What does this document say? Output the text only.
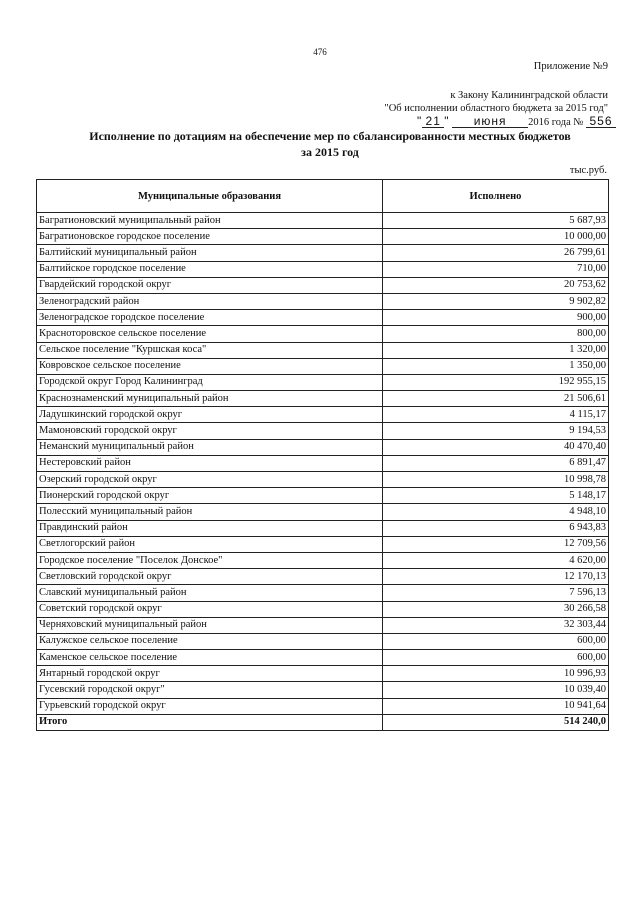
476
Приложение №9
к Закону Калининградской области
"Об исполнении областного бюджета за 2015 год"
" 21 " июня 2016 года № 556
Исполнение по дотациям на обеспечение мер по сбалансированности местных бюджетов
за 2015 год
тыс.руб.
Муниципальные образования	Исполнено
Багратионовский муниципальный район	5 687,93
Багратионовское городское поселение	10 000,00
Балтийский муниципальный район	26 799,61
Балтийское городское поселение	710,00
Гвардейский городской округ	20 753,62
Зеленоградский район	9 902,82
Зеленоградское городское поселение	900,00
Красноторовское сельское поселение	800,00
Сельское поселение "Куршская коса"	1 320,00
Ковровское сельское поселение	1 350,00
Городской округ Город Калининград	192 955,15
Краснознаменский муниципальный район	21 506,61
Ладушкинский городской округ	4 115,17
Мамоновский городской округ	9 194,53
Неманский муниципальный район	40 470,40
Нестеровский район	6 891,47
Озерский городской округ	10 998,78
Пионерский городской округ	5 148,17
Полесский муниципальный район	4 948,10
Правдинский район	6 943,83
Светлогорский район	12 709,56
Городское поселение "Поселок Донское"	4 620,00
Светловский городской округ	12 170,13
Славский муниципальный район	7 596,13
Советский городской округ	30 266,58
Черняховский муниципальный район	32 303,44
Калужское сельское поселение	600,00
Каменское сельское поселение	600,00
Янтарный городской округ	10 996,93
Гусевский городской округ"	10 039,40
Гурьевский городской округ	10 941,64
Итого	514 240,0
